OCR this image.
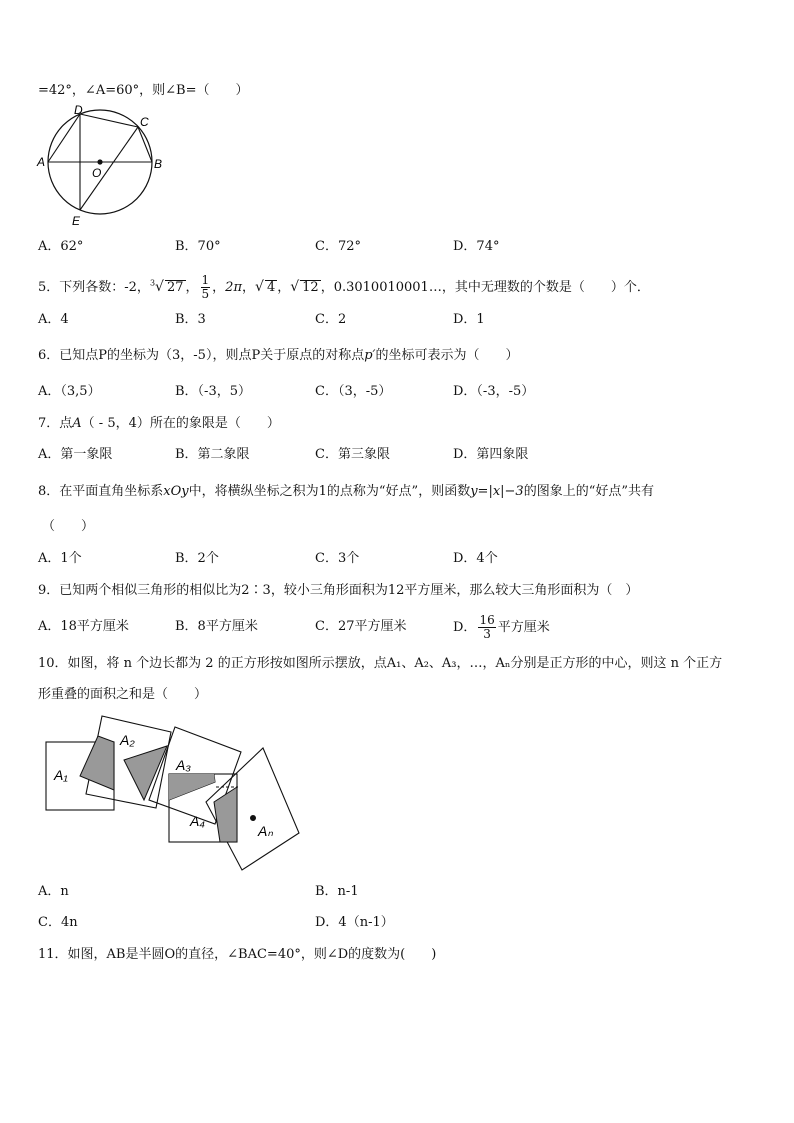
=42°，∠A=60°，则∠B=（　　）
D
C
A
O
B
E
A．62°	B．70°	C．72°	D．74°
5．下列各数：-2，$^3$√ 27 ， $\frac{1}{5}$ ，2π，√ 4 ，√ 12 ，0.3010010001…，其中无理数的个数是（　　）个．
A．4	B．3	C．2	D．1
6．已知点P的坐标为（3，-5），则点P关于原点的对称点p′的坐标可表示为（　　）
A．（3,5）	B．（-3，5）	C．（3，-5）	D．（-3，-5）
7．点A（ - 5，4）所在的象限是（　　）
A．第一象限	B．第二象限	C．第三象限	D．第四象限
8．在平面直角坐标系xOy中，将横纵坐标之积为1的点称为“好点”，则函数y=|x|−3的图象上的“好点”共有
（　　）
A．1个	B．2个	C．3个	D．4个
9．已知两个相似三角形的相似比为2∶3，较小三角形面积为12平方厘米，那么较大三角形面积为（　）
A．18平方厘米	B．8平方厘米	C．27平方厘米	D． $\frac{16}{3}$ 平方厘米
10．如图，将 n 个边长都为 2 的正方形按如图所示摆放，点A₁、A₂、A₃，…，Aₙ分别是正方形的中心，则这 n 个正方
形重叠的面积之和是（　　）
A₁
A₂
A₃
A₄
Aₙ
A．n	B．n-1
C．4n	D．4（n-1）
11．如图，AB是半圆O的直径，∠BAC=40°，则∠D的度数为(　　)
